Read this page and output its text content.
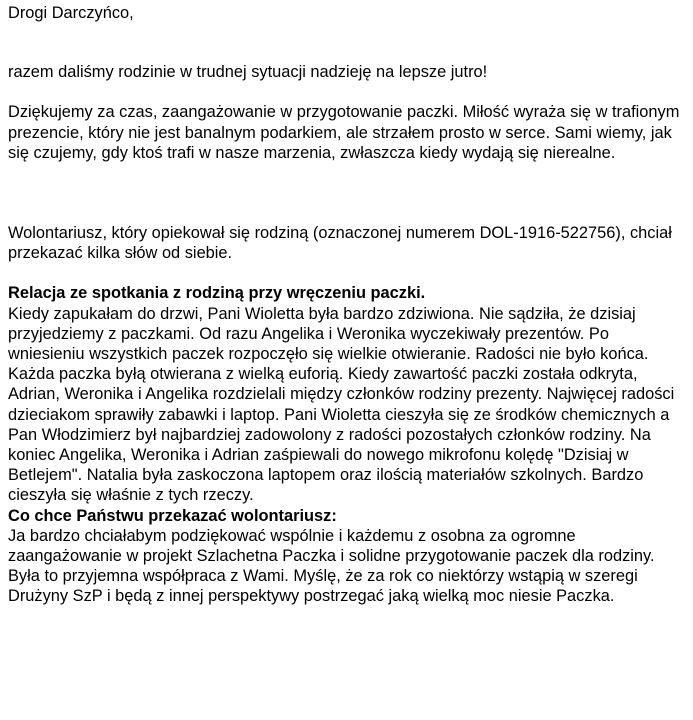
Drogi Darczyńco,

razem daliśmy rodzinie w trudnej sytuacji nadzieję na lepsze jutro!

Dziękujemy za czas, zaangażowanie w przygotowanie paczki. Miłość wyraża się w trafionym prezencie, który nie jest banalnym podarkiem, ale strzałem prosto w serce. Sami wiemy, jak się czujemy, gdy ktoś trafi w nasze marzenia, zwłaszcza kiedy wydają się nierealne.

Wolontariusz, który opiekował się rodziną (oznaczonej numerem DOL-1916-522756), chciał przekazać kilka słów od siebie.

Relacja ze spotkania z rodziną przy wręczeniu paczki.

Kiedy zapukałam do drzwi, Pani Wioletta była bardzo zdziwiona. Nie sądziła, że dzisiaj przyjedziemy z paczkami. Od razu Angelika i Weronika wyczekiwały prezentów. Po wniesieniu wszystkich paczek rozpoczęło się wielkie otwieranie. Radości nie było końca. Każda paczka byłą otwierana z wielką euforią. Kiedy zawartość paczki została odkryta, Adrian, Weronika i Angelika rozdzielali między członków rodziny prezenty. Najwięcej radości dzieciakom sprawiły zabawki i laptop. Pani Wioletta cieszyła się ze środków chemicznych a Pan Włodzimierz był najbardziej zadowolony z radości pozostałych członków rodziny. Na koniec Angelika, Weronika i Adrian zaśpiewali do nowego mikrofonu kolędę "Dzisiaj w Betlejem". Natalia była zaskoczona laptopem oraz ilością materiałów szkolnych. Bardzo cieszyła się właśnie z tych rzeczy.

Co chce Państwu przekazać wolontariusz:

Ja bardzo chciałabym podziękować wspólnie i każdemu z osobna za ogromne zaangażowanie w projekt Szlachetna Paczka i solidne przygotowanie paczek dla rodziny. Była to przyjemna współpraca z Wami. Myślę, że za rok co niektórzy wstąpią w szeregi Drużyny SzP i będą z innej perspektywy postrzegać jaką wielką moc niesie Paczka.
